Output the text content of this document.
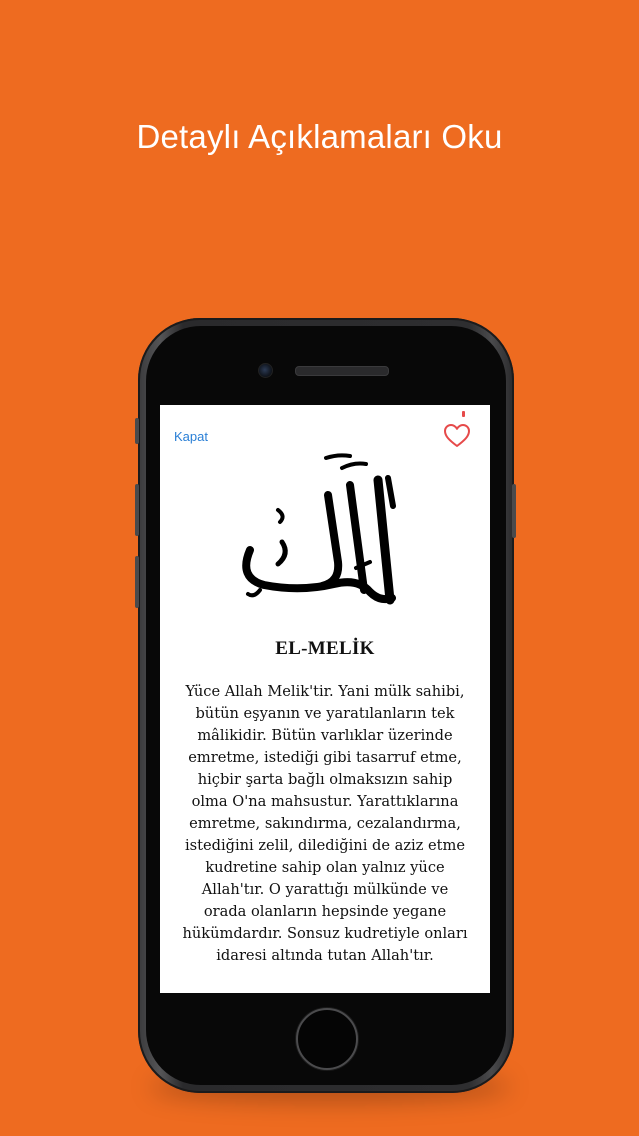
Detaylı Açıklamaları Oku
Kapat
EL-MELİK
Yüce Allah Melik'tir. Yani mülk sahibi, bütün eşyanın ve yaratılanların tek mâlikidir. Bütün varlıklar üzerinde emretme, istediği gibi tasarruf etme, hiçbir şarta bağlı olmaksızın sahip olma O'na mahsustur. Yarattıklarına emretme, sakındırma, cezalandırma, istediğini zelil, dilediğini de aziz etme kudretine sahip olan yalnız yüce Allah'tır. O yarattığı mülkünde ve orada olanların hepsinde yegane hükümdardır. Sonsuz kudretiyle onları idaresi altında tutan Allah'tır.
